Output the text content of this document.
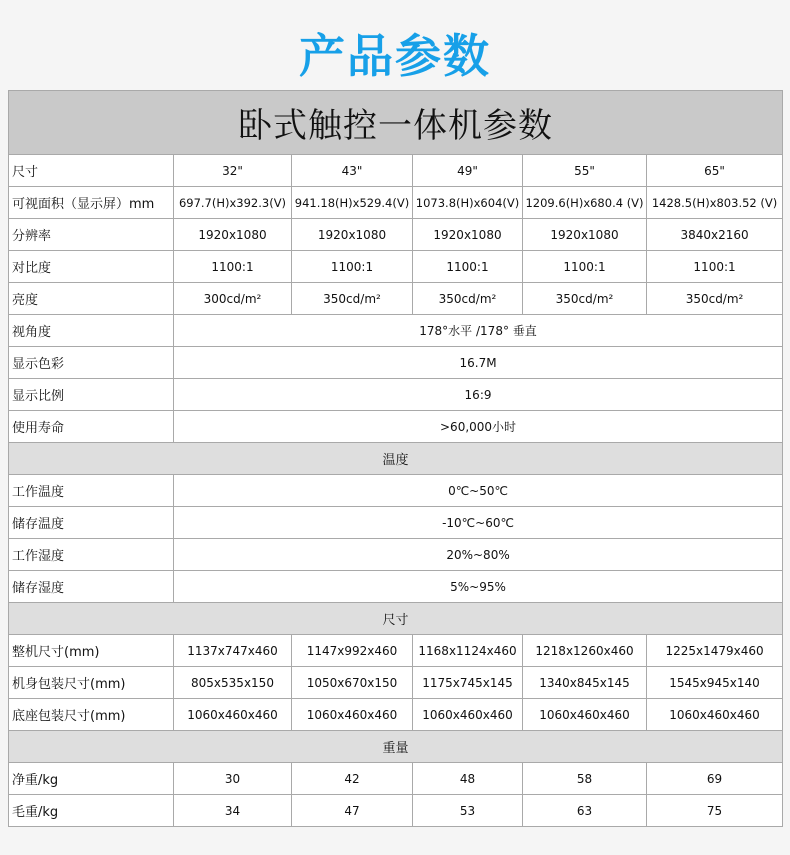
产品参数
卧式触控一体机参数					
尺寸	32"	43"	49"	55"	65"
可视面积（显示屏）mm	697.7(H)x392.3(V)	941.18(H)x529.4(V)	1073.8(H)x604(V)	1209.6(H)x680.4 (V)	1428.5(H)x803.52 (V)
分辨率	1920x1080	1920x1080	1920x1080	1920x1080	3840x2160
对比度	1100:1	1100:1	1100:1	1100:1	1100:1
亮度	300cd/m²	350cd/m²	350cd/m²	350cd/m²	350cd/m²
视角度	178°水平 /178° 垂直				
显示色彩	16.7M				
显示比例	16:9				
使用寿命	>60,000小时				
温度					
工作温度	0℃~50℃				
储存温度	-10℃~60℃				
工作湿度	20%~80%				
储存湿度	5%~95%				
尺寸					
整机尺寸(mm)	1137x747x460	1147x992x460	1168x1124x460	1218x1260x460	1225x1479x460
机身包装尺寸(mm)	805x535x150	1050x670x150	1175x745x145	1340x845x145	1545x945x140
底座包装尺寸(mm)	1060x460x460	1060x460x460	1060x460x460	1060x460x460	1060x460x460
重量					
净重/kg	30	42	48	58	69
毛重/kg	34	47	53	63	75
